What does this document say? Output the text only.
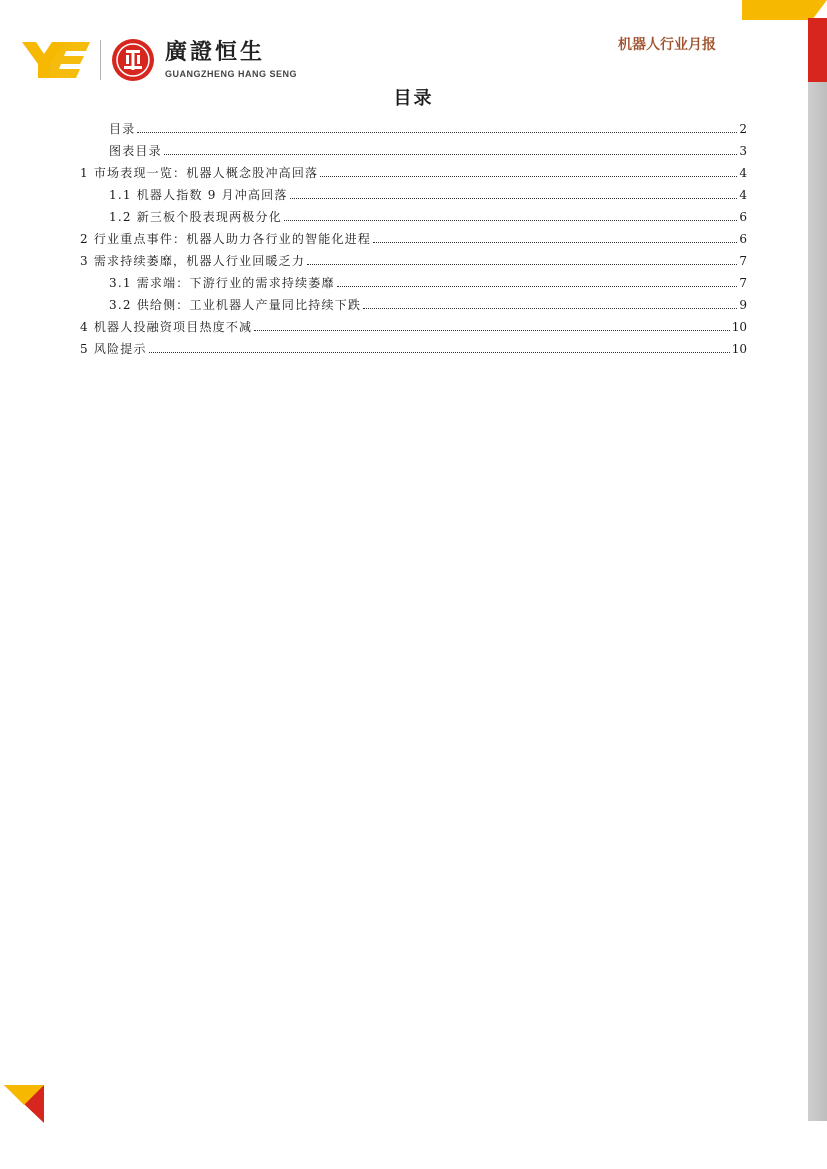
廣證恒生
GUANGZHENG HANG SENG
机器人行业月报
目录
目录	2
图表目录	3
1 市场表现一览：机器人概念股冲高回落	4
1.1 机器人指数 9 月冲高回落	4
1.2 新三板个股表现两极分化	6
2 行业重点事件：机器人助力各行业的智能化进程	6
3 需求持续萎靡，机器人行业回暖乏力	7
3.1 需求端：下游行业的需求持续萎靡	7
3.2 供给侧：工业机器人产量同比持续下跌	9
4 机器人投融资项目热度不减	10
5 风险提示	10
